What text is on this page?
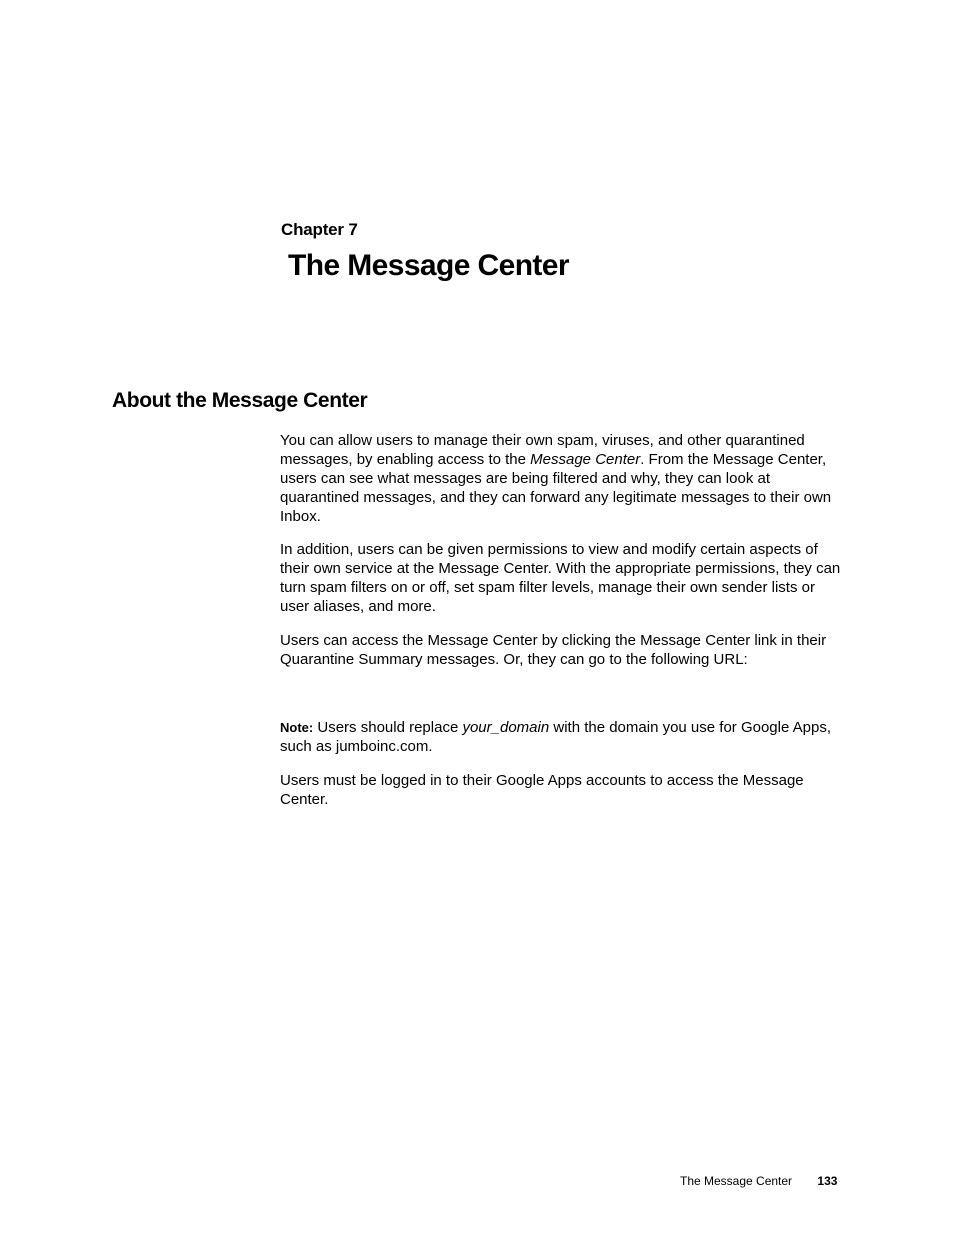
Chapter 7
The Message Center
About the Message Center

You can allow users to manage their own spam, viruses, and other quarantined messages, by enabling access to the Message Center. From the Message Center, users can see what messages are being filtered and why, they can look at quarantined messages, and they can forward any legitimate messages to their own Inbox.

In addition, users can be given permissions to view and modify certain aspects of their own service at the Message Center. With the appropriate permissions, they can turn spam filters on or off, set spam filter levels, manage their own sender lists or user aliases, and more.

Users can access the Message Center by clicking the Message Center link in their Quarantine Summary messages. Or, they can go to the following URL:

Note: Users should replace your_domain with the domain you use for Google Apps, such as jumboinc.com.

Users must be logged in to their Google Apps accounts to access the Message Center.

The Message Center 133
